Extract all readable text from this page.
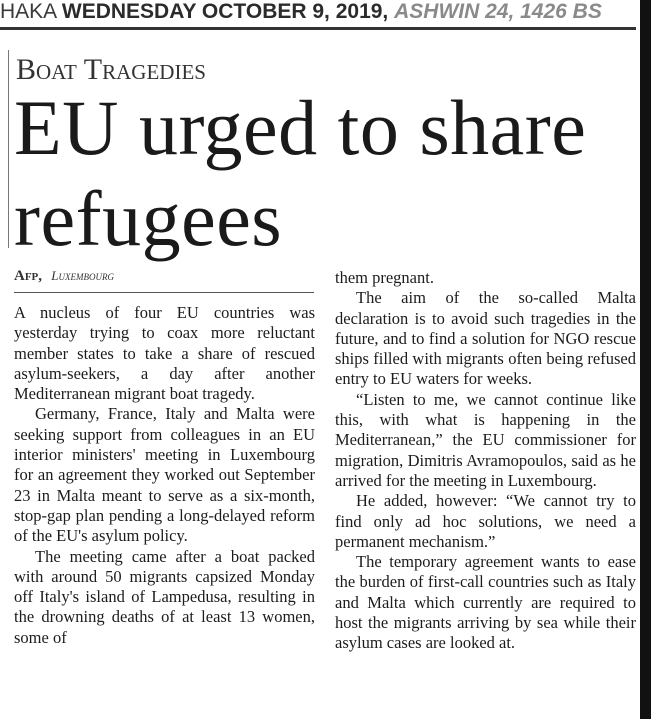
HAKA WEDNESDAY OCTOBER 9, 2019, ASHWIN 24, 1426 BS
Boat Tragedies
EU urged to share
refugees
Afp, Luxembourg

A nucleus of four EU countries was yesterday trying to coax more reluctant member states to take a share of rescued asylum-seekers, a day after another Mediterranean migrant boat tragedy.

Germany, France, Italy and Malta were seeking support from colleagues in an EU interior ministers' meeting in Luxembourg for an agreement they worked out September 23 in Malta meant to serve as a six-month, stop-gap plan pending a long-delayed reform of the EU's asylum policy.

The meeting came after a boat packed with around 50 migrants capsized Monday off Italy's island of Lampedusa, resulting in the drowning deaths of at least 13 women, some of

them pregnant.

The aim of the so-called Malta declaration is to avoid such tragedies in the future, and to find a solution for NGO rescue ships filled with migrants often being refused entry to EU waters for weeks.

“Listen to me, we cannot continue like this, with what is happening in the Mediterranean,” the EU commissioner for migration, Dimitris Avramopoulos, said as he arrived for the meeting in Luxembourg.

He added, however: “We cannot try to find only ad hoc solutions, we need a permanent mechanism.”

The temporary agreement wants to ease the burden of first-call countries such as Italy and Malta which currently are required to host the migrants arriving by sea while their asylum cases are looked at.
